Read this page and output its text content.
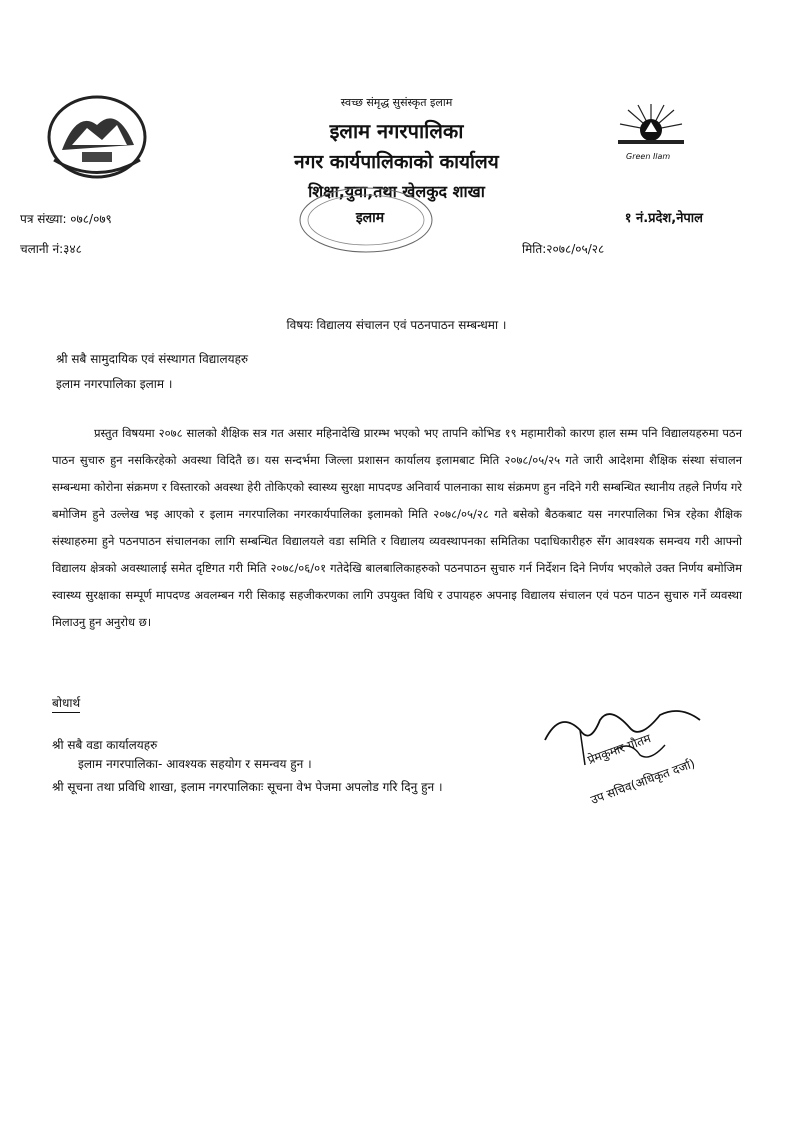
Green Ilam
स्वच्छ संमृद्ध सुसंस्कृत इलाम
इलाम नगरपालिका
नगर कार्यपालिकाको कार्यालय
शिक्षा,युवा,तथा खेलकुद शाखा
इलाम	१ नं.प्रदेश,नेपाल
पत्र संख्या: ०७८/०७९
चलानी नं:३४८	मिति:२०७८/०५/२८
विषयः विद्यालय संचालन एवं पठनपाठन सम्बन्धमा ।
श्री सबै सामुदायिक एवं संस्थागत विद्यालयहरु
इलाम नगरपालिका इलाम ।
प्रस्तुत विषयमा २०७८ सालको शैक्षिक सत्र गत असार महिनादेखि प्रारम्भ भएको भए तापनि कोभिड १९ महामारीको कारण हाल सम्म पनि विद्यालयहरुमा पठन पाठन सुचारु हुन नसकिरहेको अवस्था विदितै छ। यस सन्दर्भमा जिल्ला प्रशासन कार्यालय इलामबाट मिति २०७८/०५/२५ गते जारी आदेशमा शैक्षिक संस्था संचालन सम्बन्धमा कोरोना संक्रमण र विस्तारको अवस्था हेरी तोकिएको स्वास्थ्य सुरक्षा मापदण्ड अनिवार्य पालनाका साथ संक्रमण हुन नदिने गरी सम्बन्धित स्थानीय तहले निर्णय गरे बमोजिम हुने उल्लेख भइ आएको र इलाम नगरपालिका नगरकार्यपालिका इलामको मिति २०७८/०५/२८ गते बसेको बैठकबाट यस नगरपालिका भित्र रहेका शैक्षिक संस्थाहरुमा हुने पठनपाठन संचालनका लागि सम्बन्धित विद्यालयले वडा समिति र विद्यालय व्यवस्थापनका समितिका पदाधिकारीहरु सँग आवश्यक समन्वय गरी आफ्नो विद्यालय क्षेत्रको अवस्थालाई समेत दृष्टिगत गरी मिति २०७८/०६/०१ गतेदेखि बालबालिकाहरुको पठनपाठन सुचारु गर्न निर्देशन दिने निर्णय भएकोले उक्त निर्णय बमोजिम स्वास्थ्य सुरक्षाका सम्पूर्ण मापदण्ड अवलम्बन गरी सिकाइ सहजीकरणका लागि उपयुक्त विधि र उपायहरु अपनाइ विद्यालय संचालन एवं पठन पाठन सुचारु गर्ने व्यवस्था मिलाउनु हुन अनुरोध छ।
बोधार्थ
श्री सबै वडा कार्यालयहरु
इलाम नगरपालिका- आवश्यक सहयोग र समन्वय हुन ।
श्री सूचना तथा प्रविधि शाखा, इलाम नगरपालिकाः सूचना वेभ पेजमा अपलोड गरि दिनु हुन ।
प्रेमकुमार गौतम
उप सचिव(अधिकृत दर्जा)
